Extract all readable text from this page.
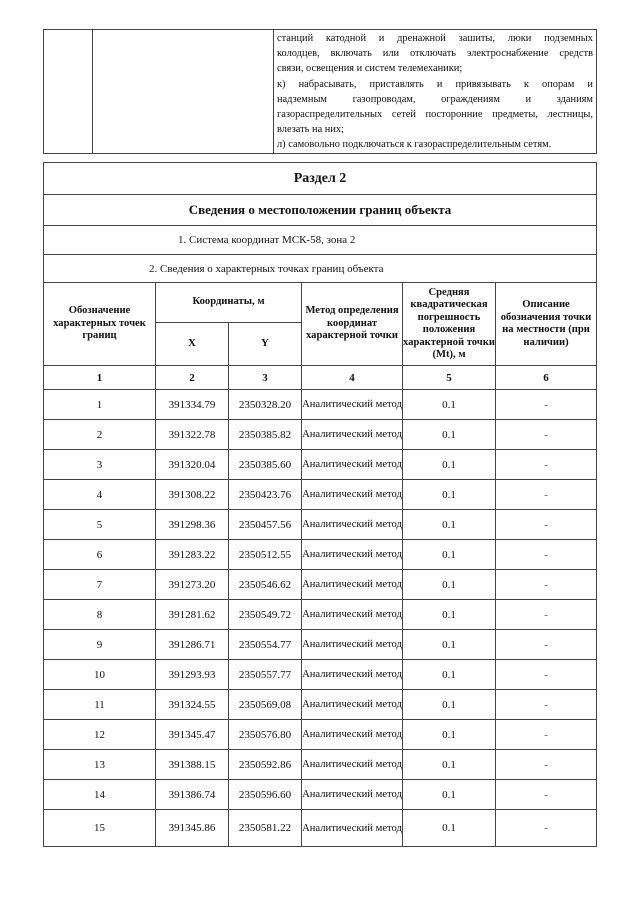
станций катодной и дренажной зашиты, люки подземных
колодцев, включать или отключать электроснабжение средств
связи, освещения и систем телемеханики;
к) набрасывать, приставлять и привязывать к опорам и
надземным газопроводам, ограждениям и зданиям
газораспределительных сетей посторонние предметы, лестницы,
влезать на них;
л) самовольно подключаться к газораспределительным сетям.
Раздел 2					
Сведения о местоположении границ объекта					
1. Система координат МСК-58, зона 2					
2. Сведения о характерных точках границ объекта					
Обозначение характерных точек границ	Координаты, м		Метод определения координат характерной точки	Средняя квадратическая погрешность положения характерной точки (Mt), м	Описание обозначения точки на местности (при наличии)
	X	Y			
1	2	3	4	5	6
1	391334.79	2350328.20	Аналитический метод	0.1	-
2	391322.78	2350385.82	Аналитический метод	0.1	-
3	391320.04	2350385.60	Аналитический метод	0.1	-
4	391308.22	2350423.76	Аналитический метод	0.1	-
5	391298.36	2350457.56	Аналитический метод	0.1	-
6	391283.22	2350512.55	Аналитический метод	0.1	-
7	391273.20	2350546.62	Аналитический метод	0.1	-
8	391281.62	2350549.72	Аналитический метод	0.1	-
9	391286.71	2350554.77	Аналитический метод	0.1	-
10	391293.93	2350557.77	Аналитический метод	0.1	-
11	391324.55	2350569.08	Аналитический метод	0.1	-
12	391345.47	2350576.80	Аналитический метод	0.1	-
13	391388.15	2350592.86	Аналитический метод	0.1	-
14	391386.74	2350596.60	Аналитический метод	0.1	-
15	391345.86	2350581.22	Аналитический метод	0.1	-
